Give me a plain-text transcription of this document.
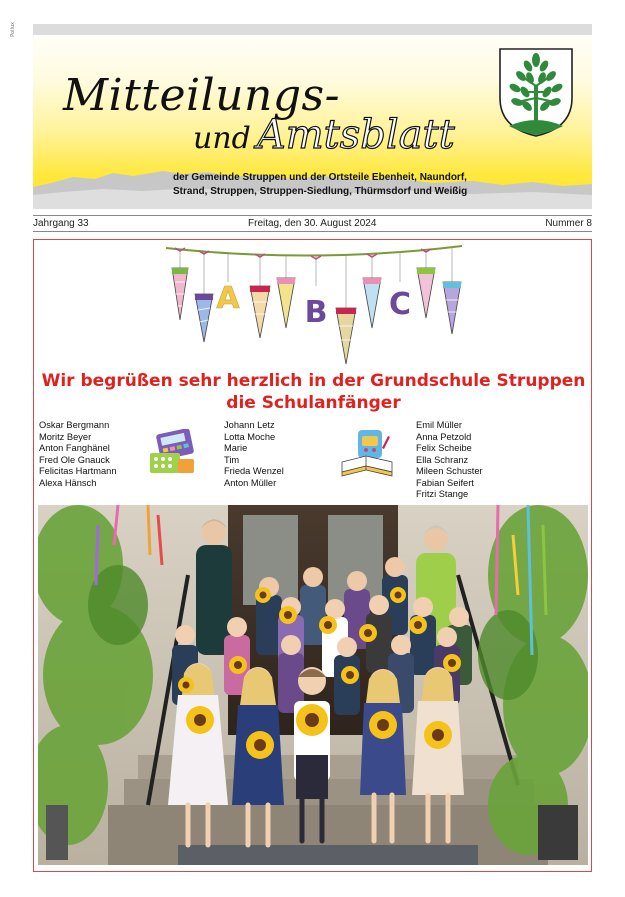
Pollux
Mitteilungs-
und Amtsblatt
der Gemeinde Struppen und der Ortsteile Ebenheit, Naundorf,
Strand, Struppen, Struppen-Siedlung, Thürmsdorf und Weißig
Jahrgang 33	Freitag, den 30. August 2024	Nummer 8
A B C
Wir begrüßen sehr herzlich in der Grundschule Struppen
die Schulanfänger
Oskar Bergmann
Moritz Beyer
Anton Fanghänel
Fred Ole Gnauck
Felicitas Hartmann
Alexa Hänsch
Johann Letz
Lotta Moche
Marie
Tim
Frieda Wenzel
Anton Müller
Emil Müller
Anna Petzold
Felix Scheibe
Ella Schranz
Mileen Schuster
Fabian Seifert
Fritzi Stange
